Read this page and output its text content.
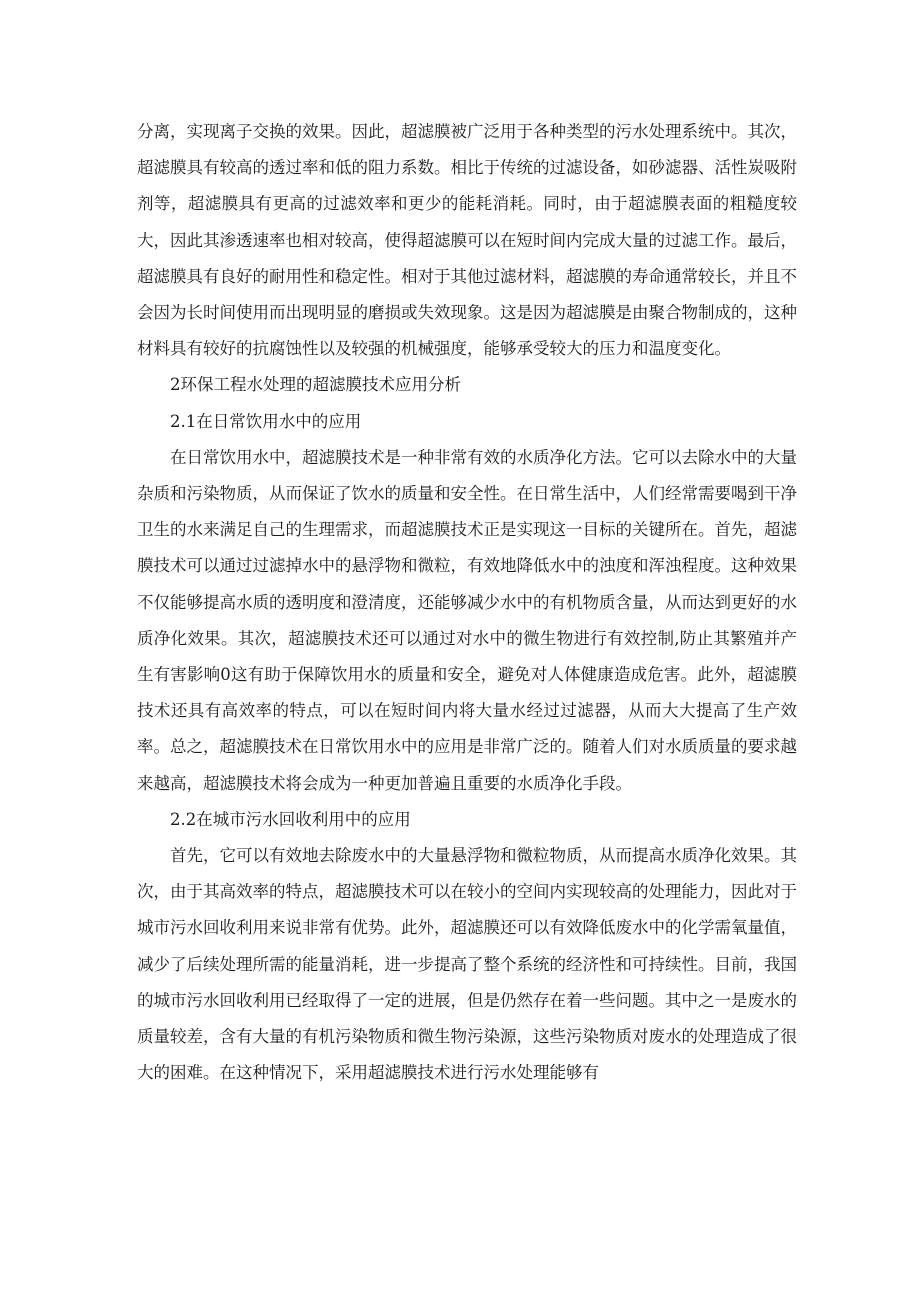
分离，实现离子交换的效果。因此，超滤膜被广泛用于各种类型的污水处理系统中。其次，超滤膜具有较高的透过率和低的阻力系数。相比于传统的过滤设备，如砂滤器、活性炭吸附剂等，超滤膜具有更高的过滤效率和更少的能耗消耗。同时，由于超滤膜表面的粗糙度较大，因此其渗透速率也相对较高，使得超滤膜可以在短时间内完成大量的过滤工作。最后，超滤膜具有良好的耐用性和稳定性。相对于其他过滤材料，超滤膜的寿命通常较长，并且不会因为长时间使用而出现明显的磨损或失效现象。这是因为超滤膜是由聚合物制成的，这种材料具有较好的抗腐蚀性以及较强的机械强度，能够承受较大的压力和温度变化。

2环保工程水处理的超滤膜技术应用分析

2.1在日常饮用水中的应用

在日常饮用水中，超滤膜技术是一种非常有效的水质净化方法。它可以去除水中的大量杂质和污染物质，从而保证了饮水的质量和安全性。在日常生活中，人们经常需要喝到干净卫生的水来满足自己的生理需求，而超滤膜技术正是实现这一目标的关键所在。首先，超滤膜技术可以通过过滤掉水中的悬浮物和微粒，有效地降低水中的浊度和浑浊程度。这种效果不仅能够提高水质的透明度和澄清度，还能够减少水中的有机物质含量，从而达到更好的水质净化效果。其次，超滤膜技术还可以通过对水中的微生物进行有效控制,防止其繁殖并产生有害影响0这有助于保障饮用水的质量和安全，避免对人体健康造成危害。此外，超滤膜技术还具有高效率的特点，可以在短时间内将大量水经过过滤器，从而大大提高了生产效率。总之，超滤膜技术在日常饮用水中的应用是非常广泛的。随着人们对水质质量的要求越来越高，超滤膜技术将会成为一种更加普遍且重要的水质净化手段。

2.2在城市污水回收利用中的应用

首先，它可以有效地去除废水中的大量悬浮物和微粒物质，从而提高水质净化效果。其次，由于其高效率的特点，超滤膜技术可以在较小的空间内实现较高的处理能力，因此对于城市污水回收利用来说非常有优势。此外，超滤膜还可以有效降低废水中的化学需氧量值，减少了后续处理所需的能量消耗，进一步提高了整个系统的经济性和可持续性。目前，我国的城市污水回收利用已经取得了一定的进展，但是仍然存在着一些问题。其中之一是废水的质量较差，含有大量的有机污染物质和微生物污染源，这些污染物质对废水的处理造成了很大的困难。在这种情况下，采用超滤膜技术进行污水处理能够有
